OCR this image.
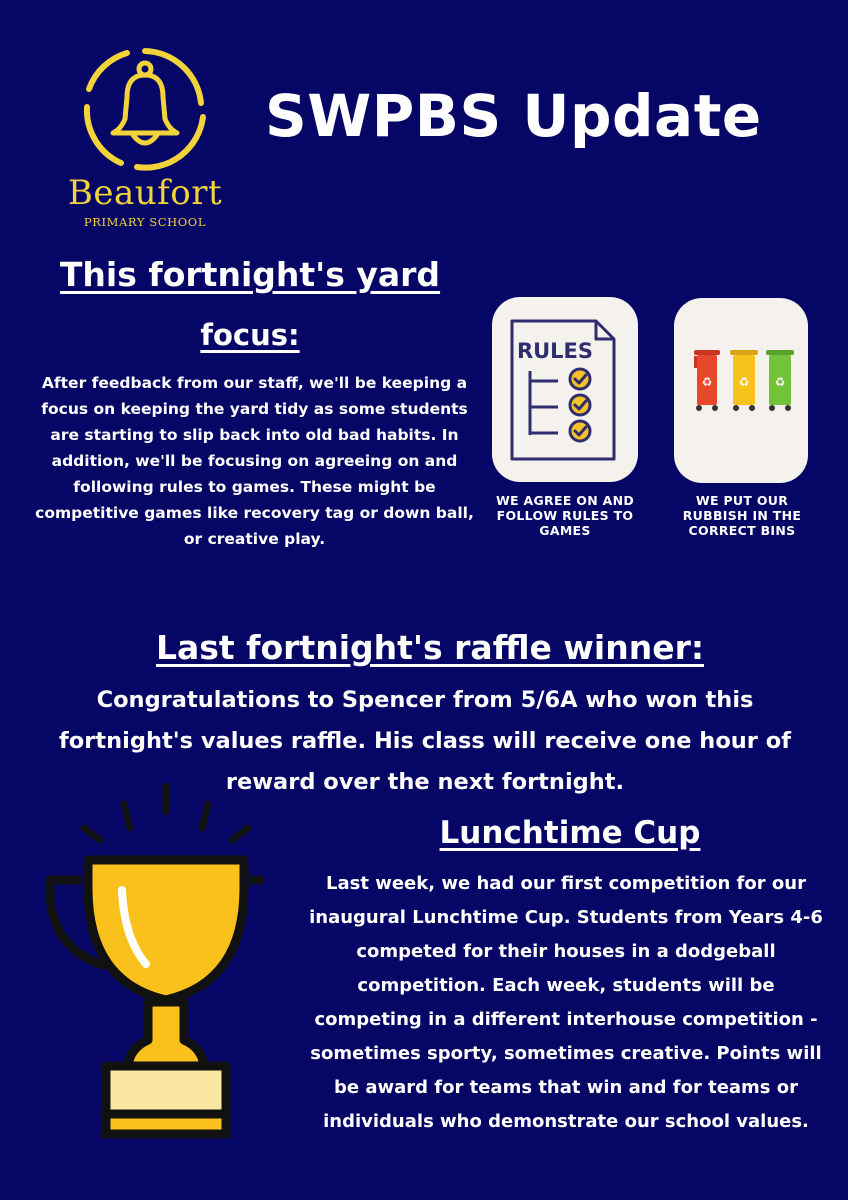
Beaufort
PRIMARY SCHOOL
SWPBS Update
This fortnight's yard
focus:
After feedback from our staff, we'll be keeping a focus on keeping the yard tidy as some students are starting to slip back into old bad habits. In addition, we'll be focusing on agreeing on and following rules to games. These might be competitive games like recovery tag or down ball, or creative play.
RULES
♻ ♻ ♻
WE AGREE ON AND FOLLOW RULES TO GAMES
WE PUT OUR RUBBISH IN THE CORRECT BINS
Last fortnight's raffle winner:
Congratulations to Spencer from 5/6A who won this fortnight's values raffle. His class will receive one hour of reward over the next fortnight.
Lunchtime Cup
Last week, we had our first competition for our inaugural Lunchtime Cup. Students from Years 4-6 competed for their houses in a dodgeball competition. Each week, students will be competing in a different interhouse competition - sometimes sporty, sometimes creative. Points will be award for teams that win and for teams or individuals who demonstrate our school values.
